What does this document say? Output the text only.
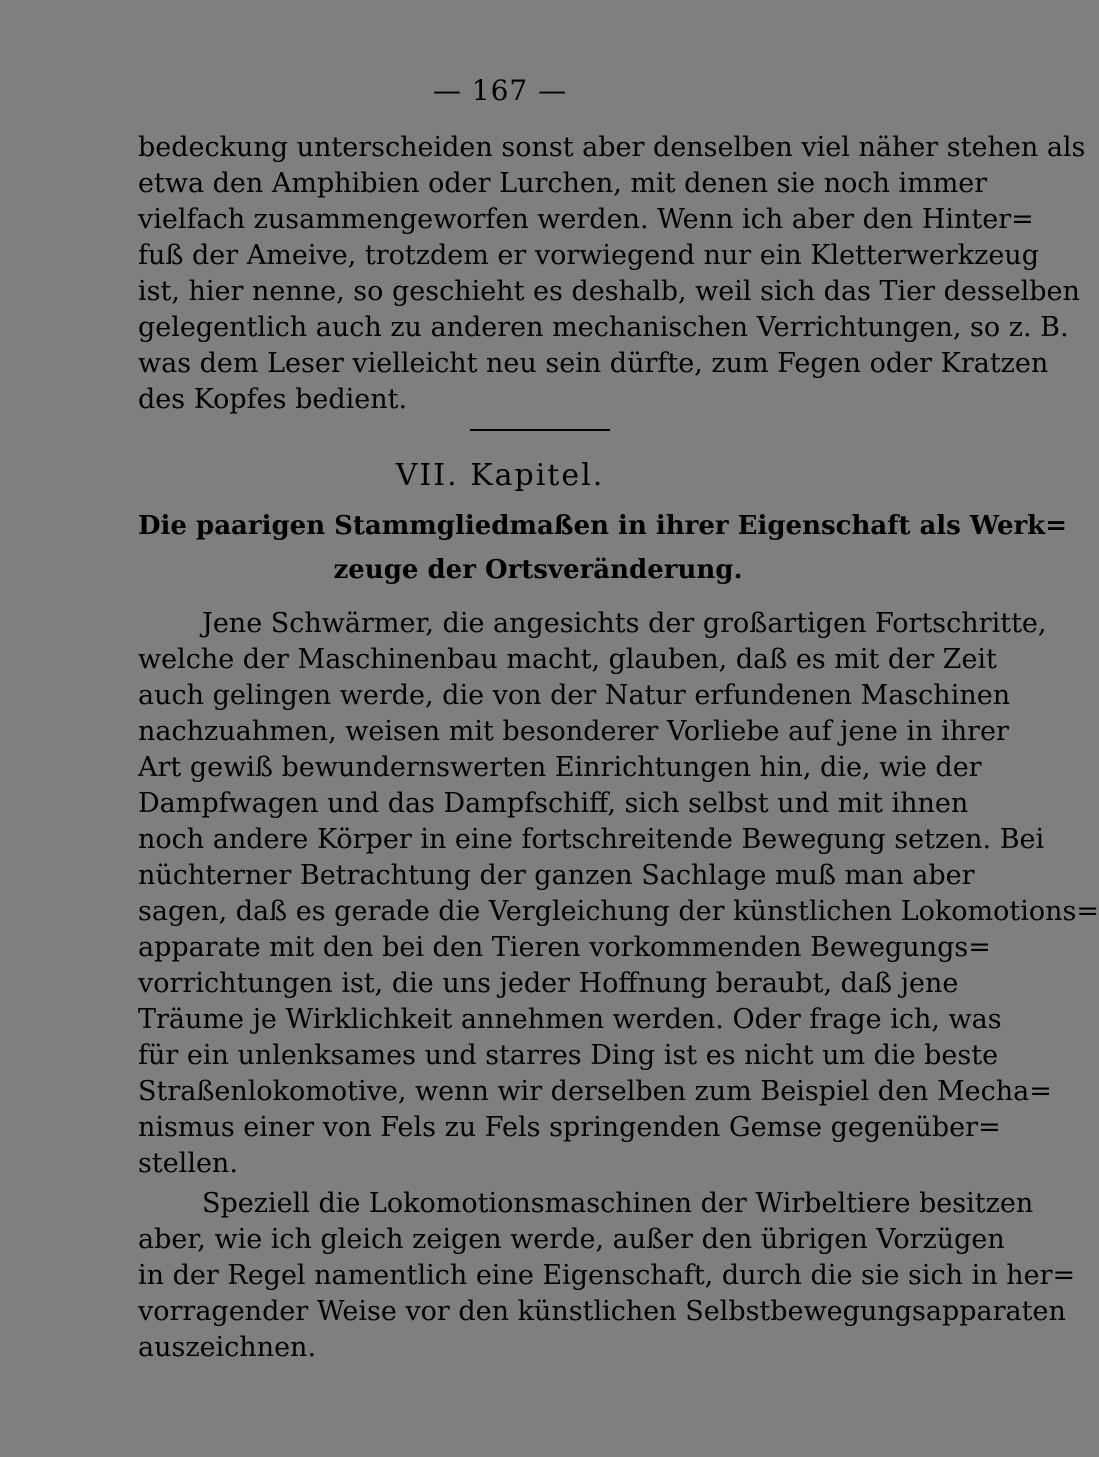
— 167 —
bedeckung unterscheiden sonst aber denselben viel näher stehen als
etwa den Amphibien oder Lurchen, mit denen sie noch immer
vielfach zusammengeworfen werden. Wenn ich aber den Hinter=
fuß der Ameive, trotzdem er vorwiegend nur ein Kletterwerkzeug
ist, hier nenne, so geschieht es deshalb, weil sich das Tier desselben
gelegentlich auch zu anderen mechanischen Verrichtungen, so z. B.
was dem Leser vielleicht neu sein dürfte, zum Fegen oder Kratzen
des Kopfes bedient.
VII. Kapitel.
Die paarigen Stammgliedmaßen in ihrer Eigenschaft als Werk=
zeuge der Ortsveränderung.
Jene Schwärmer, die angesichts der großartigen Fortschritte,
welche der Maschinenbau macht, glauben, daß es mit der Zeit
auch gelingen werde, die von der Natur erfundenen Maschinen
nachzuahmen, weisen mit besonderer Vorliebe auf jene in ihrer
Art gewiß bewundernswerten Einrichtungen hin, die, wie der
Dampfwagen und das Dampfschiff, sich selbst und mit ihnen
noch andere Körper in eine fortschreitende Bewegung setzen. Bei
nüchterner Betrachtung der ganzen Sachlage muß man aber
sagen, daß es gerade die Vergleichung der künstlichen Lokomotions=
apparate mit den bei den Tieren vorkommenden Bewegungs=
vorrichtungen ist, die uns jeder Hoffnung beraubt, daß jene
Träume je Wirklichkeit annehmen werden. Oder frage ich, was
für ein unlenksames und starres Ding ist es nicht um die beste
Straßenlokomotive, wenn wir derselben zum Beispiel den Mecha=
nismus einer von Fels zu Fels springenden Gemse gegenüber=
stellen.
Speziell die Lokomotionsmaschinen der Wirbeltiere besitzen
aber, wie ich gleich zeigen werde, außer den übrigen Vorzügen
in der Regel namentlich eine Eigenschaft, durch die sie sich in her=
vorragender Weise vor den künstlichen Selbstbewegungsapparaten
auszeichnen.
